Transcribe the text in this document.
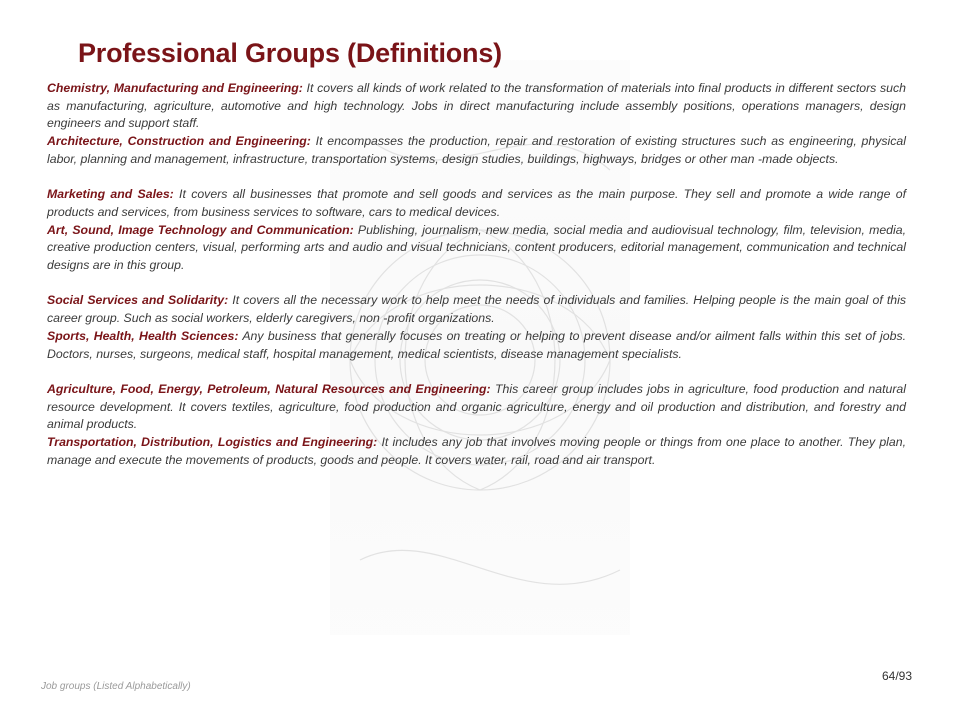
Professional Groups (Definitions)

Chemistry, Manufacturing and Engineering: It covers all kinds of work related to the transformation of materials into final products in different sectors such as manufacturing, agriculture, automotive and high technology. Jobs in direct manufacturing include assembly positions, operations managers, design engineers and support staff.

Architecture, Construction and Engineering: It encompasses the production, repair and restoration of existing structures such as engineering, physical labor, planning and management, infrastructure, transportation systems, design studies, buildings, highways, bridges or other man -made objects.

Marketing and Sales: It covers all businesses that promote and sell goods and services as the main purpose. They sell and promote a wide range of products and services, from business services to software, cars to medical devices.

Art, Sound, Image Technology and Communication: Publishing, journalism, new media, social media and audiovisual technology, film, television, media, creative production centers, visual, performing arts and audio and visual technicians, content producers, editorial management, communication and technical designs are in this group.

Social Services and Solidarity: It covers all the necessary work to help meet the needs of individuals and families. Helping people is the main goal of this career group. Such as social workers, elderly caregivers, non -profit organizations.

Sports, Health, Health Sciences: Any business that generally focuses on treating or helping to prevent disease and/or ailment falls within this set of jobs. Doctors, nurses, surgeons, medical staff, hospital management, medical scientists, disease management specialists.

Agriculture, Food, Energy, Petroleum, Natural Resources and Engineering: This career group includes jobs in agriculture, food production and natural resource development. It covers textiles, agriculture, food production and organic agriculture, energy and oil production and distribution, and forestry and animal products.

Transportation, Distribution, Logistics and Engineering: It includes any job that involves moving people or things from one place to another. They plan, manage and execute the movements of products, goods and people. It covers water, rail, road and air transport.

Job groups (Listed Alphabetically)
64/93
